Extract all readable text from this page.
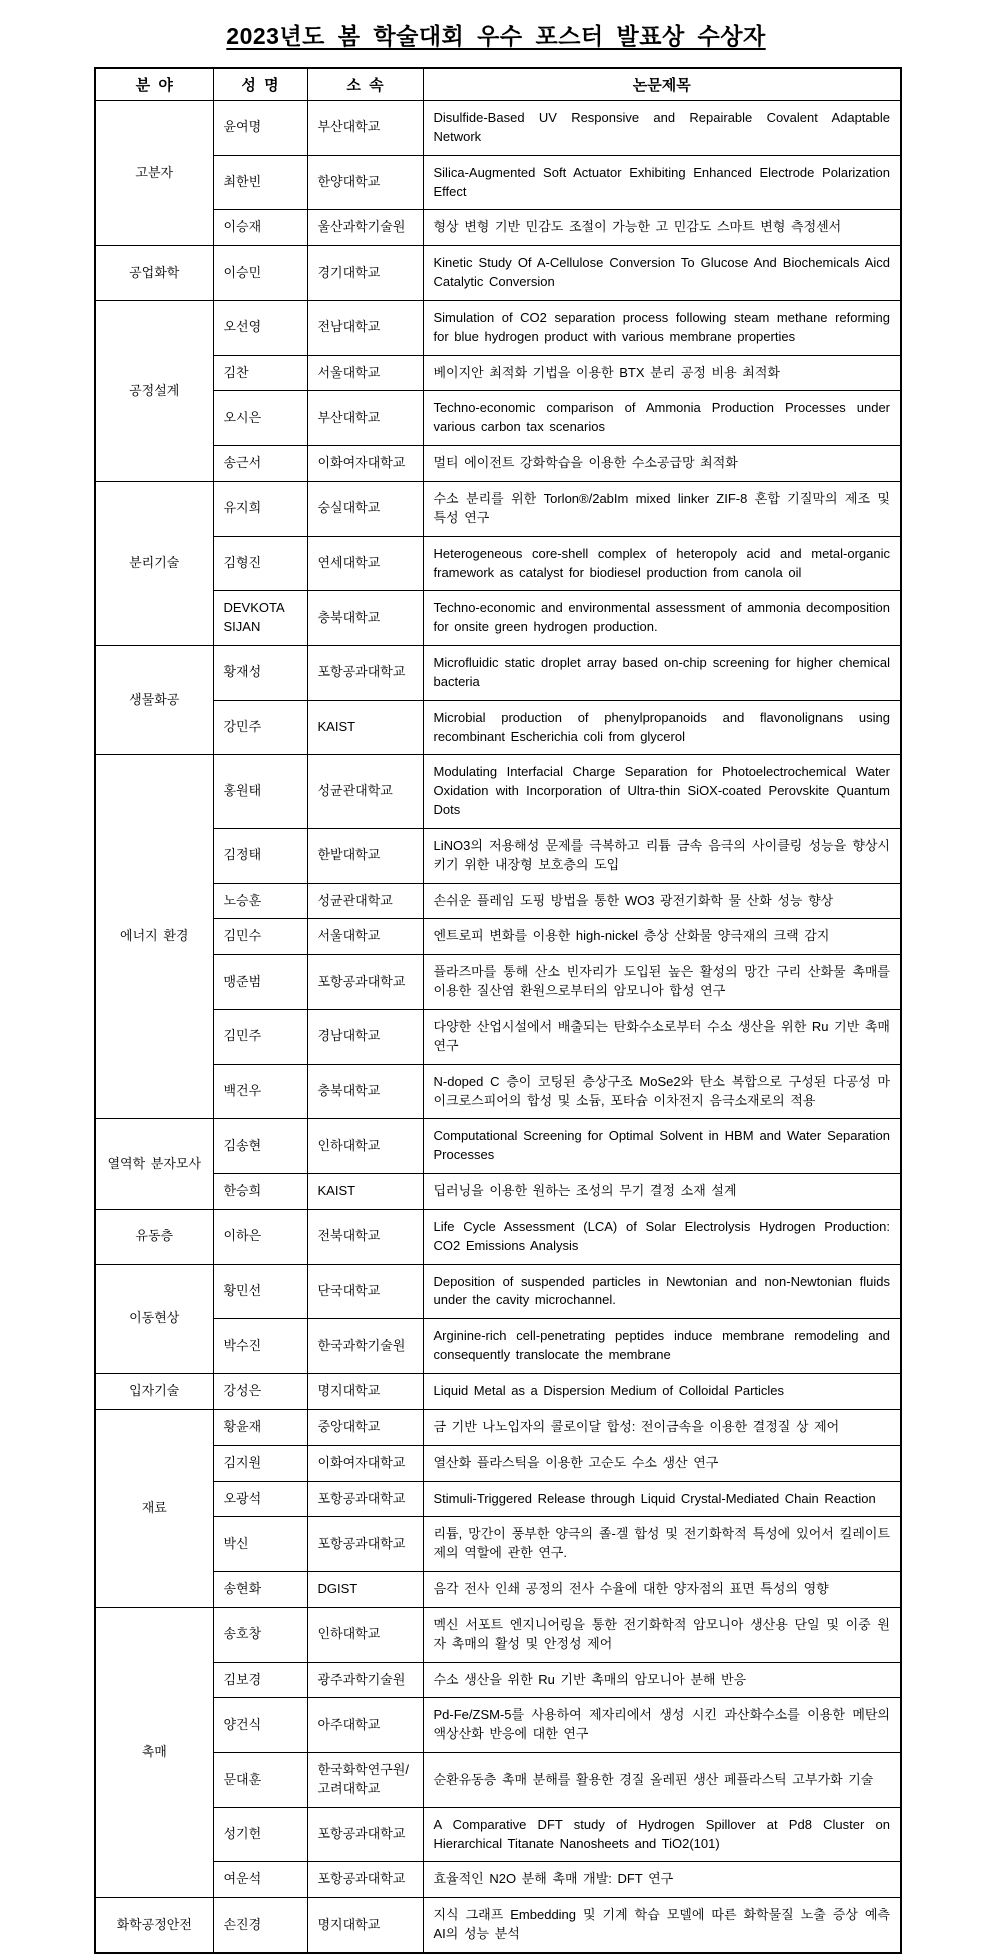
2023년도 봄 학술대회 우수 포스터 발표상 수상자
분  야	성  명	소  속	논문제목
고분자	윤여명	부산대학교	Disulfide-Based UV Responsive and Repairable Covalent Adaptable Network
	최한빈	한양대학교	Silica-Augmented Soft Actuator Exhibiting Enhanced Electrode Polarization Effect
	이승재	울산과학기술원	형상 변형 기반 민감도 조절이 가능한 고 민감도 스마트 변형 측정센서
공업화학	이승민	경기대학교	Kinetic Study Of A-Cellulose Conversion To Glucose And Biochemicals Aicd Catalytic Conversion
공정설계	오선영	전남대학교	Simulation of CO2 separation process following steam methane reforming for blue hydrogen product with various membrane properties
	김찬	서울대학교	베이지안 최적화 기법을 이용한 BTX 분리 공정 비용 최적화
	오시은	부산대학교	Techno-economic comparison of Ammonia Production Processes under various carbon tax scenarios
	송근서	이화여자대학교	멀티 에이전트 강화학습을 이용한 수소공급망 최적화
분리기술	유지희	숭실대학교	수소 분리를 위한 Torlon®/2abIm mixed linker ZIF-8 혼합 기질막의 제조 및 특성 연구
	김형진	연세대학교	Heterogeneous core-shell complex of heteropoly acid and metal-organic framework as catalyst for biodiesel production from canola oil
	DEVKOTA SIJAN	충북대학교	Techno-economic and environmental assessment of ammonia decomposition for onsite green hydrogen production.
생물화공	황재성	포항공과대학교	Microfluidic static droplet array based on-chip screening for higher chemical bacteria
	강민주	KAIST	Microbial production of phenylpropanoids and flavonolignans using recombinant Escherichia coli from glycerol
에너지 환경	홍원태	성균관대학교	Modulating Interfacial Charge Separation for Photoelectrochemical Water Oxidation with Incorporation of Ultra-thin SiOX-coated Perovskite Quantum Dots
	김정태	한밭대학교	LiNO3의 저용해성 문제를 극복하고 리튬 금속 음극의 사이클링 성능을 향상시키기 위한 내장형 보호층의 도입
	노승훈	성균관대학교	손쉬운 플레임 도핑 방법을 통한 WO3 광전기화학 물 산화 성능 향상
	김민수	서울대학교	엔트로피 변화를 이용한 high-nickel 층상 산화물 양극재의 크랙 감지
	맹준범	포항공과대학교	플라즈마를 통해 산소 빈자리가 도입된 높은 활성의 망간 구리 산화물 촉매를 이용한 질산염 환원으로부터의 암모니아 합성 연구
	김민주	경남대학교	다양한 산업시설에서 배출되는 탄화수소로부터 수소 생산을 위한 Ru 기반 촉매 연구
	백건우	충북대학교	N-doped C 층이 코팅된 층상구조 MoSe2와 탄소 복합으로 구성된 다공성 마이크로스피어의 합성 및 소듐, 포타슘 이차전지 음극소재로의 적용
열역학 분자모사	김송현	인하대학교	Computational Screening for Optimal Solvent in HBM and Water Separation Processes
	한승희	KAIST	딥러닝을 이용한 원하는 조성의 무기 결정 소재 설계
유동층	이하은	전북대학교	Life Cycle Assessment (LCA) of Solar Electrolysis Hydrogen Production: CO2 Emissions Analysis
이동현상	황민선	단국대학교	Deposition of suspended particles in Newtonian and non-Newtonian fluids under the cavity microchannel.
	박수진	한국과학기술원	Arginine-rich cell-penetrating peptides induce membrane remodeling and consequently translocate the membrane
입자기술	강성은	명지대학교	Liquid Metal as a Dispersion Medium of Colloidal Particles
재료	황윤재	중앙대학교	금 기반 나노입자의 콜로이달 합성: 전이금속을 이용한 결정질 상 제어
	김지원	이화여자대학교	열산화 플라스틱을 이용한 고순도 수소 생산 연구
	오광석	포항공과대학교	Stimuli-Triggered Release through Liquid Crystal-Mediated Chain Reaction
	박신	포항공과대학교	리튬, 망간이 풍부한 양극의 졸-겔 합성 및 전기화학적 특성에 있어서 킬레이트제의 역할에 관한 연구.
	송현화	DGIST	음각 전사 인쇄 공정의 전사 수율에 대한 양자점의 표면 특성의 영향
촉매	송호창	인하대학교	멕신 서포트 엔지니어링을 통한 전기화학적 암모니아 생산용 단일 및 이중 원자 촉매의 활성 및 안정성 제어
	김보경	광주과학기술원	수소 생산을 위한 Ru 기반 촉매의 암모니아 분해 반응
	양건식	아주대학교	Pd-Fe/ZSM-5를 사용하여 제자리에서 생성 시킨 과산화수소를 이용한 메탄의 액상산화 반응에 대한 연구
	문대훈	한국화학연구원/고려대학교	순환유동층 촉매 분해를 활용한 경질 올레핀 생산 페플라스틱 고부가화 기술
	성기헌	포항공과대학교	A Comparative DFT study of Hydrogen Spillover at Pd8 Cluster on Hierarchical Titanate Nanosheets and TiO2(101)
	여운석	포항공과대학교	효율적인 N2O 분해 촉매 개발: DFT 연구
화학공정안전	손진경	명지대학교	지식 그래프 Embedding 및 기계 학습 모델에 따른 화학물질 노출 증상 예측 AI의 성능 분석
